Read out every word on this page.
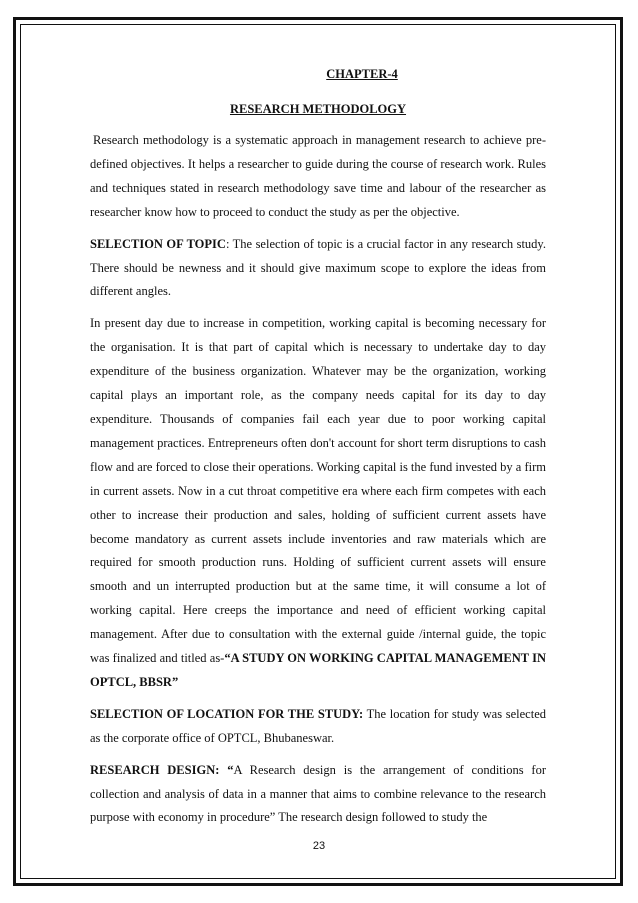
CHAPTER-4
RESEARCH METHODOLOGY

Research methodology is a systematic approach in management research to achieve pre-defined objectives. It helps a researcher to guide during the course of research work. Rules and techniques stated in research methodology save time and labour of the researcher as researcher know how to proceed to conduct the study as per the objective.

SELECTION OF TOPIC: The selection of topic is a crucial factor in any research study. There should be newness and it should give maximum scope to explore the ideas from different angles.

In present day due to increase in competition, working capital is becoming necessary for the organisation. It is that part of capital which is necessary to undertake day to day expenditure of the business organization. Whatever may be the organization, working capital plays an important role, as the company needs capital for its day to day expenditure. Thousands of companies fail each year due to poor working capital management practices. Entrepreneurs often don't account for short term disruptions to cash flow and are forced to close their operations. Working capital is the fund invested by a firm in current assets. Now in a cut throat competitive era where each firm competes with each other to increase their production and sales, holding of sufficient current assets have become mandatory as current assets include inventories and raw materials which are required for smooth production runs. Holding of sufficient current assets will ensure smooth and un interrupted production but at the same time, it will consume a lot of working capital. Here creeps the importance and need of efficient working capital management. After due to consultation with the external guide /internal guide, the topic was finalized and titled as-“A STUDY ON WORKING CAPITAL MANAGEMENT IN OPTCL, BBSR”

SELECTION OF LOCATION FOR THE STUDY: The location for study was selected as the corporate office of OPTCL, Bhubaneswar.

RESEARCH DESIGN: “A Research design is the arrangement of conditions for collection and analysis of data in a manner that aims to combine relevance to the research purpose with economy in procedure” The research design followed to study the

23
